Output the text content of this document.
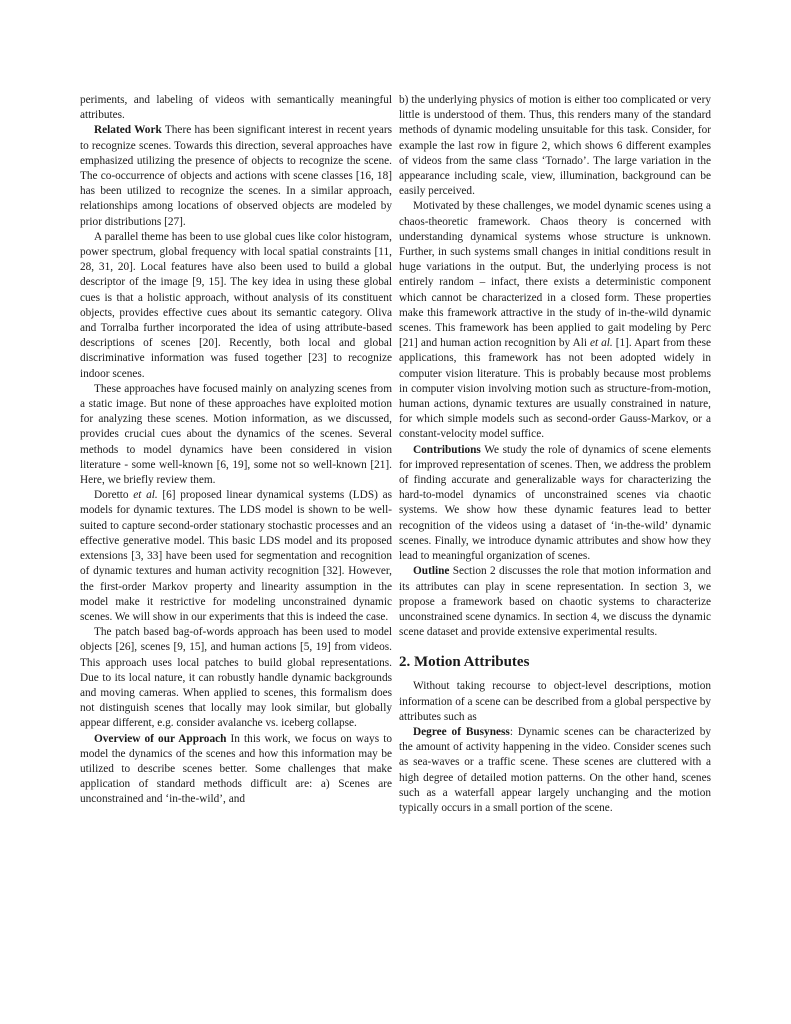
periments, and labeling of videos with semantically meaningful attributes.

Related Work There has been significant interest in recent years to recognize scenes. Towards this direction, several approaches have emphasized utilizing the presence of objects to recognize the scene. The co-occurrence of objects and actions with scene classes [16, 18] has been utilized to recognize the scenes. In a similar approach, relationships among locations of observed objects are modeled by prior distributions [27].

A parallel theme has been to use global cues like color histogram, power spectrum, global frequency with local spatial constraints [11, 28, 31, 20]. Local features have also been used to build a global descriptor of the image [9, 15]. The key idea in using these global cues is that a holistic approach, without analysis of its constituent objects, provides effective cues about its semantic category. Oliva and Torralba further incorporated the idea of using attribute-based descriptions of scenes [20]. Recently, both local and global discriminative information was fused together [23] to recognize indoor scenes.

These approaches have focused mainly on analyzing scenes from a static image. But none of these approaches have exploited motion for analyzing these scenes. Motion information, as we discussed, provides crucial cues about the dynamics of the scenes. Several methods to model dynamics have been considered in vision literature - some well-known [6, 19], some not so well-known [21]. Here, we briefly review them.

Doretto et al. [6] proposed linear dynamical systems (LDS) as models for dynamic textures. The LDS model is shown to be well-suited to capture second-order stationary stochastic processes and an effective generative model. This basic LDS model and its proposed extensions [3, 33] have been used for segmentation and recognition of dynamic textures and human activity recognition [32]. However, the first-order Markov property and linearity assumption in the model make it restrictive for modeling unconstrained dynamic scenes. We will show in our experiments that this is indeed the case.

The patch based bag-of-words approach has been used to model objects [26], scenes [9, 15], and human actions [5, 19] from videos. This approach uses local patches to build global representations. Due to its local nature, it can robustly handle dynamic backgrounds and moving cameras. When applied to scenes, this formalism does not distinguish scenes that locally may look similar, but globally appear different, e.g. consider avalanche vs. iceberg collapse.

Overview of our Approach In this work, we focus on ways to model the dynamics of the scenes and how this information may be utilized to describe scenes better. Some challenges that make application of standard methods difficult are: a) Scenes are unconstrained and ‘in-the-wild’, and

b) the underlying physics of motion is either too complicated or very little is understood of them. Thus, this renders many of the standard methods of dynamic modeling unsuitable for this task. Consider, for example the last row in figure 2, which shows 6 different examples of videos from the same class ‘Tornado’. The large variation in the appearance including scale, view, illumination, background can be easily perceived.

Motivated by these challenges, we model dynamic scenes using a chaos-theoretic framework. Chaos theory is concerned with understanding dynamical systems whose structure is unknown. Further, in such systems small changes in initial conditions result in huge variations in the output. But, the underlying process is not entirely random – infact, there exists a deterministic component which cannot be characterized in a closed form. These properties make this framework attractive in the study of in-the-wild dynamic scenes. This framework has been applied to gait modeling by Perc [21] and human action recognition by Ali et al. [1]. Apart from these applications, this framework has not been adopted widely in computer vision literature. This is probably because most problems in computer vision involving motion such as structure-from-motion, human actions, dynamic textures are usually constrained in nature, for which simple models such as second-order Gauss-Markov, or a constant-velocity model suffice.

Contributions We study the role of dynamics of scene elements for improved representation of scenes. Then, we address the problem of finding accurate and generalizable ways for characterizing the hard-to-model dynamics of unconstrained scenes via chaotic systems. We show how these dynamic features lead to better recognition of the videos using a dataset of ‘in-the-wild’ dynamic scenes. Finally, we introduce dynamic attributes and show how they lead to meaningful organization of scenes.

Outline Section 2 discusses the role that motion information and its attributes can play in scene representation. In section 3, we propose a framework based on chaotic systems to characterize unconstrained scene dynamics. In section 4, we discuss the dynamic scene dataset and provide extensive experimental results.

2. Motion Attributes

Without taking recourse to object-level descriptions, motion information of a scene can be described from a global perspective by attributes such as

Degree of Busyness: Dynamic scenes can be characterized by the amount of activity happening in the video. Consider scenes such as sea-waves or a traffic scene. These scenes are cluttered with a high degree of detailed motion patterns. On the other hand, scenes such as a waterfall appear largely unchanging and the motion typically occurs in a small portion of the scene.
